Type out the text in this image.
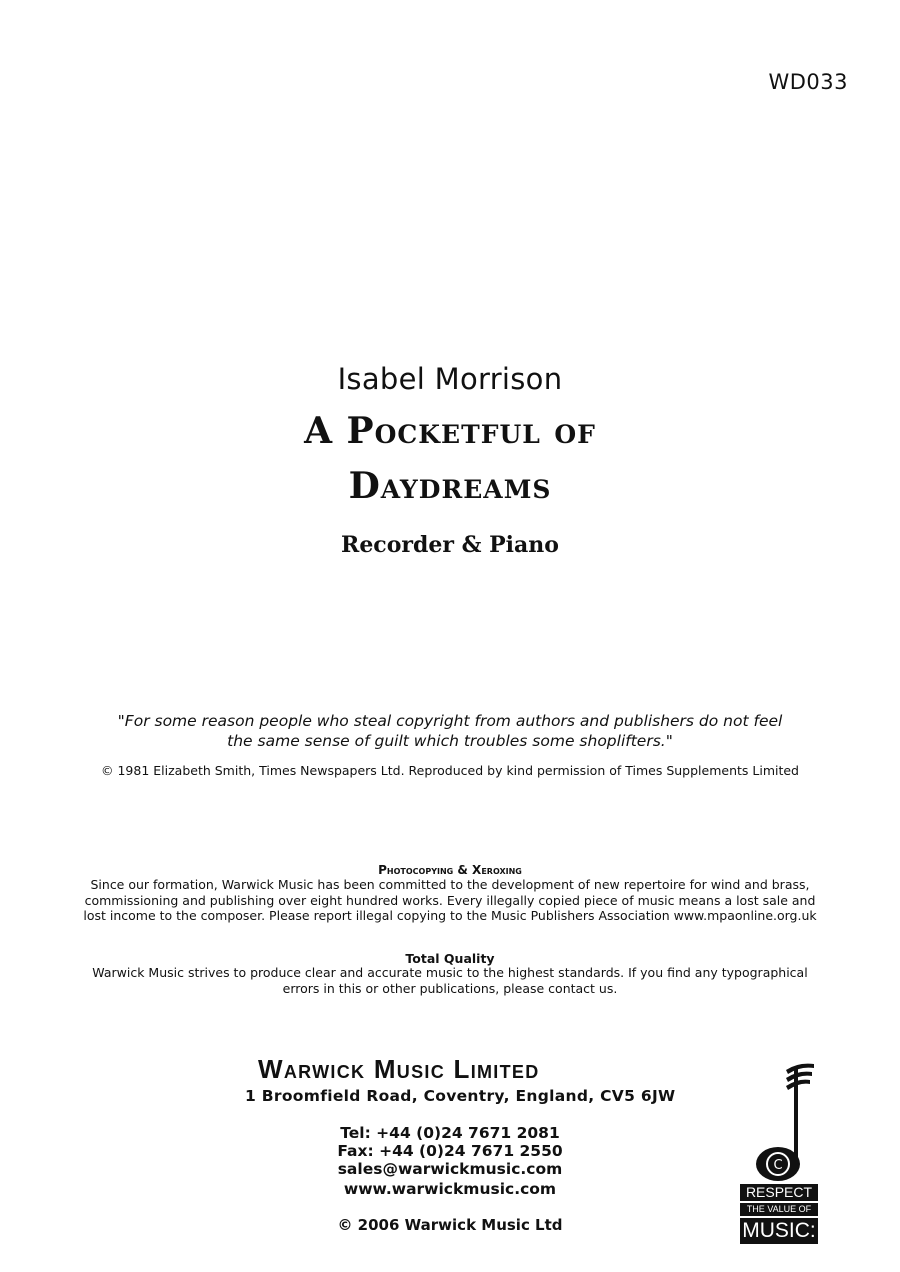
WD033
Isabel Morrison
A Pocketful of
Daydreams
Recorder & Piano
"For some reason people who steal copyright from authors and publishers do not feel
the same sense of guilt which troubles some shoplifters."
© 1981 Elizabeth Smith, Times Newspapers Ltd. Reproduced by kind permission of Times Supplements Limited
Photocopying & Xeroxing
Since our formation, Warwick Music has been committed to the development of new repertoire for wind and brass,
commissioning and publishing over eight hundred works. Every illegally copied piece of music means a lost sale and
lost income to the composer. Please report illegal copying to the Music Publishers Association www.mpaonline.org.uk
Total Quality
Warwick Music strives to produce clear and accurate music to the highest standards. If you find any typographical
errors in this or other publications, please contact us.
Warwick Music Limited
1 Broomfield Road, Coventry, England, CV5 6JW
Tel: +44 (0)24 7671 2081
Fax: +44 (0)24 7671 2550
sales@warwickmusic.com
www.warwickmusic.com
© 2006 Warwick Music Ltd
C
RESPECT
THE VALUE OF
MUSIC:
